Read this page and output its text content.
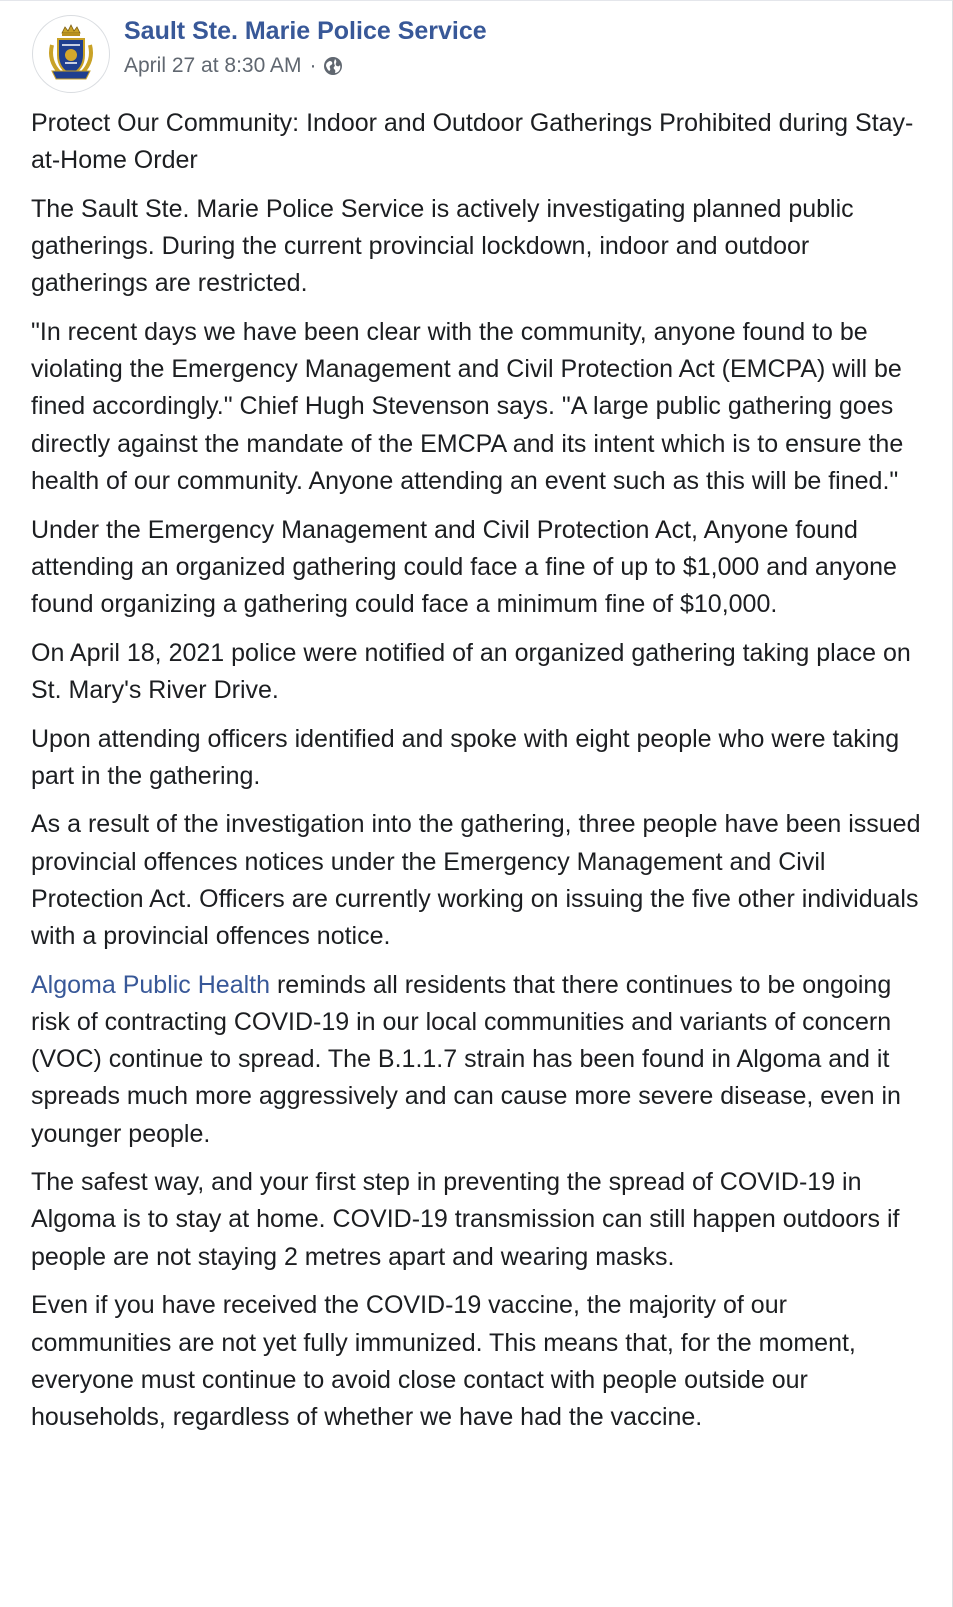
Sault Ste. Marie Police Service
April 27 at 8:30 AM ·

Protect Our Community: Indoor and Outdoor Gatherings Prohibited during Stay-at-Home Order

The Sault Ste. Marie Police Service is actively investigating planned public gatherings. During the current provincial lockdown, indoor and outdoor gatherings are restricted.

"In recent days we have been clear with the community, anyone found to be violating the Emergency Management and Civil Protection Act (EMCPA) will be fined accordingly." Chief Hugh Stevenson says. "A large public gathering goes directly against the mandate of the EMCPA and its intent which is to ensure the health of our community. Anyone attending an event such as this will be fined."

Under the Emergency Management and Civil Protection Act, Anyone found attending an organized gathering could face a fine of up to $1,000 and anyone found organizing a gathering could face a minimum fine of $10,000.

On April 18, 2021 police were notified of an organized gathering taking place on St. Mary's River Drive.

Upon attending officers identified and spoke with eight people who were taking part in the gathering.

As a result of the investigation into the gathering, three people have been issued provincial offences notices under the Emergency Management and Civil Protection Act. Officers are currently working on issuing the five other individuals with a provincial offences notice.

Algoma Public Health reminds all residents that there continues to be ongoing risk of contracting COVID-19 in our local communities and variants of concern (VOC) continue to spread. The B.1.1.7 strain has been found in Algoma and it spreads much more aggressively and can cause more severe disease, even in younger people.

The safest way, and your first step in preventing the spread of COVID-19 in Algoma is to stay at home. COVID-19 transmission can still happen outdoors if people are not staying 2 metres apart and wearing masks.

Even if you have received the COVID-19 vaccine, the majority of our communities are not yet fully immunized. This means that, for the moment, everyone must continue to avoid close contact with people outside our households, regardless of whether we have had the vaccine.
